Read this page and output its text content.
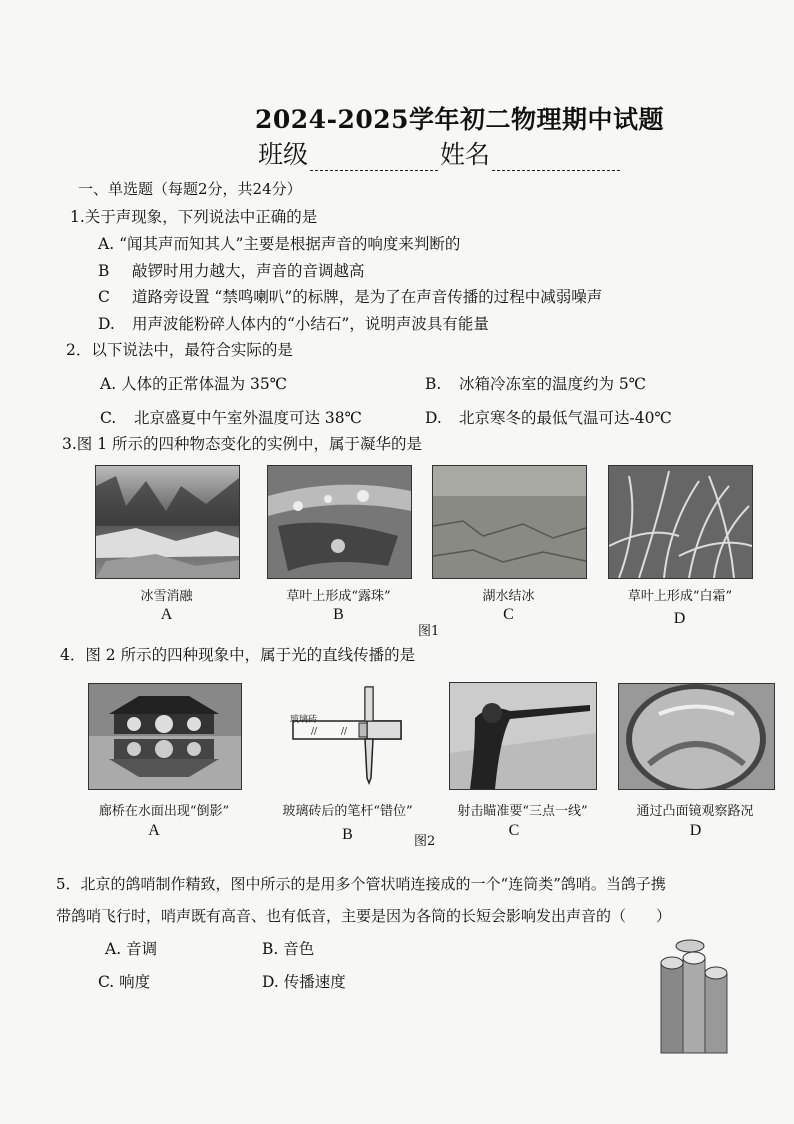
2024-2025学年初二物理期中试题
班级	姓名
一、单选题（每题2分，共24分）
1.关于声现象，下列说法中正确的是
A. “闻其声而知其人”主要是根据声音的响度来判断的
B 敲锣时用力越大，声音的音调越高
C 道路旁设置 “禁鸣喇叭”的标牌，是为了在声音传播的过程中减弱噪声
D. 用声波能粉碎人体内的“小结石”，说明声波具有能量
2．以下说法中，最符合实际的是
A. 人体的正常体温为 35℃	B. 冰箱冷冻室的温度约为 5℃
C. 北京盛夏中午室外温度可达 38℃	D. 北京寒冬的最低气温可达-40℃
3.图 1 所示的四种物态变化的实例中，属于凝华的是
冰雪消融	草叶上形成“露珠”	湖水结冰	草叶上形成“白霜”
A	B	C	D
图1
4．图 2 所示的四种现象中，属于光的直线传播的是
//	//
玻璃砖
廊桥在水面出现“倒影”	玻璃砖后的笔杆“错位”	射击瞄准要“三点一线”	通过凸面镜观察路况
A	B	C	D
图2
5．北京的鸽哨制作精致，图中所示的是用多个管状哨连接成的一个“连筒类”鸽哨。当鸽子携
带鸽哨飞行时，哨声既有高音、也有低音，主要是因为各筒的长短会影响发出声音的（　　）
A. 音调	B. 音色
C. 响度	D. 传播速度
